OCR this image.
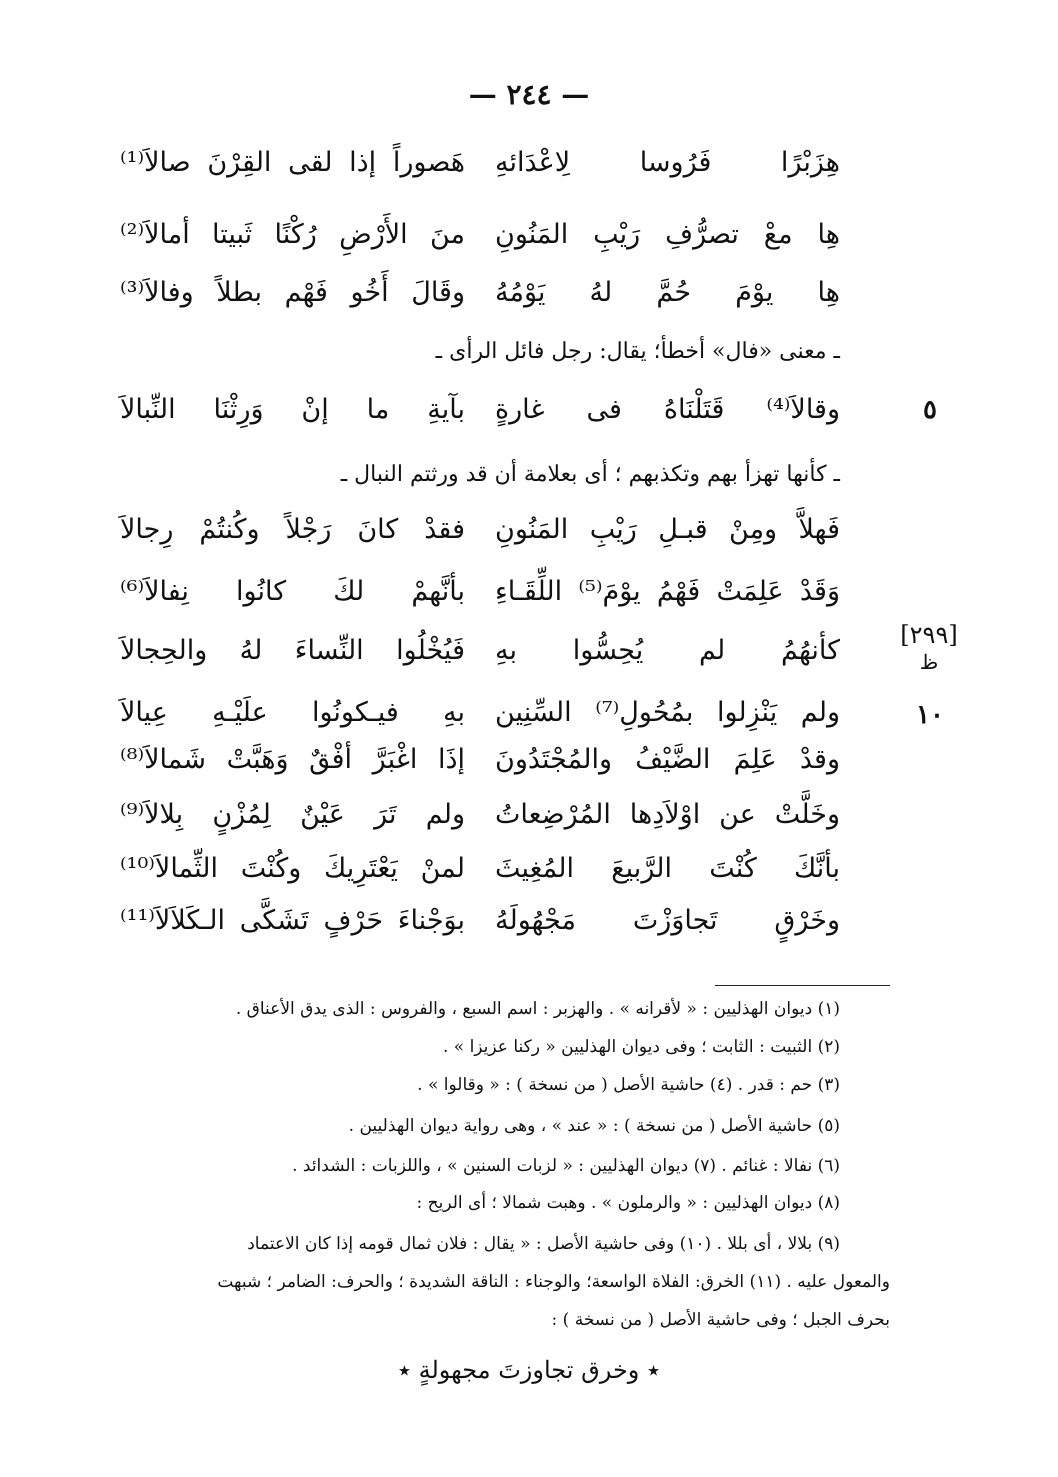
— ٢٤٤ —
هِزَبْرًا فَرُوسا لِاعْدَائهِ
هَصوراً إذا لقى القِرْنَ صالاَ⁽¹⁾
هِا معْ تصرُّفِ رَيْبِ المَنُونِ
منَ الأَرْضِ رُكْنًا ثَبيتا أمالاَ⁽²⁾
هِا يوْمَ حُمَّ لهُ يَوْمُهُ
وقَالَ أَخُو فَهْم بطلاً وفالاَ⁽³⁾
ـ معنى «فال» أخطأ؛ يقال: رجل فائل الرأى ـ
٥
وقالاَ⁽⁴⁾ قَتَلْنَاهُ فى غارةٍ
بآيةِ ما إنْ وَرِثْنَا النِّبالاَ
ـ كأنها تهزأ بهم وتكذبهم ؛ أى بعلامة أن قد ورثتم النبال ـ
فَهلاَّ ومِنْ قبـلِ رَيْبِ المَنُونِ
فقدْ كانَ رَجْلاً وكُنتُمْ رِجالاَ
وَقَدْ عَلِمَتْ فَهْمُ يوْمَ⁽⁵⁾ اللِّقَـاءِ
بأنَّهمْ لكَ كانُوا نِفالاَ⁽⁶⁾
[٢٩٩]
ظ
كأنهُمُ لم يُحِسُّوا بهِ
فَيُخْلُوا النِّساءَ لهُ والحِجالاَ
١٠
ولم يَنْزِلوا بمُحُولِ⁽⁷⁾ السِّنِين
بهِ فيـكونُوا علَيْـهِ عِيالاَ
وقدْ عَلِمَ الضَّيْفُ والمُجْتَدُونَ
إذَا اغْبَرَّ أفْقٌ وَهَبَّتْ شَمالاَ⁽⁸⁾
وخَلَّتْ عن اوْلاَدِها المُرْضِعاتُ
ولم تَرَ عَيْنٌ لِمُزْنٍ بِلالاَ⁽⁹⁾
بأنَّكَ كُنْتَ الرَّبيعَ المُغِيثَ
لمنْ يَعْتَرِيكَ وكُنْتَ الثِّمالاَ⁽¹⁰⁾
وخَرْقٍ تَجاوَزْتَ مَجْهُولَهُ
بوَجْناءَ حَرْفٍ تَشَكَّى الـكَلاَلاَ⁽¹¹⁾
(١) ديوان الهذليين : « لأقرانه » . والهزبر : اسم السبع ، والفروس : الذى يدق الأعناق .
(٢) الثبيت : الثابت ؛ وفى ديوان الهذليين « ركنا عزيزا » .
(٣) حم : قدر . (٤) حاشية الأصل ( من نسخة ) : « وقالوا » .
(٥) حاشية الأصل ( من نسخة ) : « عند » ، وهى رواية ديوان الهذليين .
(٦) نفالا : غنائم . (٧) ديوان الهذليين : « لزبات السنين » ، واللزبات : الشدائد .
(٨) ديوان الهذليين : « والرملون » . وهبت شمالا ؛ أى الريح :
(٩) بلالا ، أى بللا . (١٠) وفى حاشية الأصل : « يقال : فلان ثمال قومه إذا كان الاعتماد
والمعول عليه . (١١) الخرق: الفلاة الواسعة؛ والوجناء : الناقة الشديدة ؛ والحرف: الضامر ؛ شبهت
بحرف الجبل ؛ وفى حاشية الأصل ( من نسخة ) :
٭ وخرق تجاوزتَ مجهولةٍ ٭
